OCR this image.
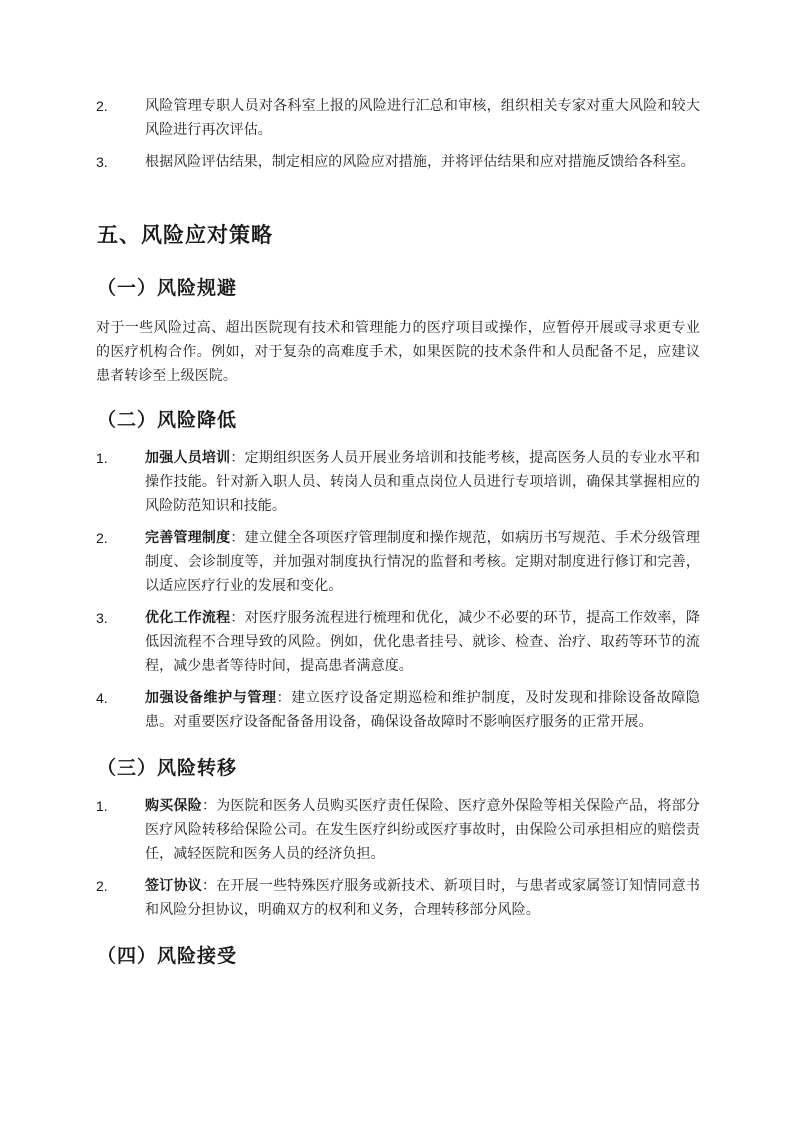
2.	风险管理专职人员对各科室上报的风险进行汇总和审核，组织相关专家对重大风险和较大风险进行再次评估。
3.	根据风险评估结果，制定相应的风险应对措施，并将评估结果和应对措施反馈给各科室。
五、风险应对策略
（一）风险规避
对于一些风险过高、超出医院现有技术和管理能力的医疗项目或操作，应暂停开展或寻求更专业的医疗机构合作。例如，对于复杂的高难度手术，如果医院的技术条件和人员配备不足，应建议患者转诊至上级医院。
（二）风险降低
1.	加强人员培训：定期组织医务人员开展业务培训和技能考核，提高医务人员的专业水平和操作技能。针对新入职人员、转岗人员和重点岗位人员进行专项培训，确保其掌握相应的风险防范知识和技能。
2.	完善管理制度：建立健全各项医疗管理制度和操作规范，如病历书写规范、手术分级管理制度、会诊制度等，并加强对制度执行情况的监督和考核。定期对制度进行修订和完善，以适应医疗行业的发展和变化。
3.	优化工作流程：对医疗服务流程进行梳理和优化，减少不必要的环节，提高工作效率，降低因流程不合理导致的风险。例如，优化患者挂号、就诊、检查、治疗、取药等环节的流程，减少患者等待时间，提高患者满意度。
4.	加强设备维护与管理：建立医疗设备定期巡检和维护制度，及时发现和排除设备故障隐患。对重要医疗设备配备备用设备，确保设备故障时不影响医疗服务的正常开展。
（三）风险转移
1.	购买保险：为医院和医务人员购买医疗责任保险、医疗意外保险等相关保险产品，将部分医疗风险转移给保险公司。在发生医疗纠纷或医疗事故时，由保险公司承担相应的赔偿责任，减轻医院和医务人员的经济负担。
2.	签订协议：在开展一些特殊医疗服务或新技术、新项目时，与患者或家属签订知情同意书和风险分担协议，明确双方的权利和义务，合理转移部分风险。
（四）风险接受
